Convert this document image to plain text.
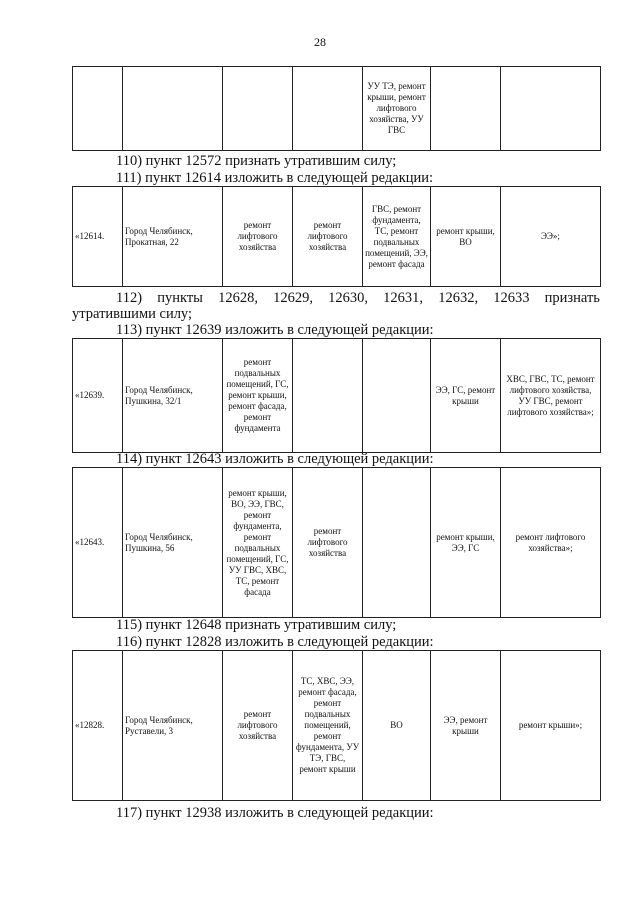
28
				УУ ТЭ, ремонт крыши, ремонт лифтового хозяйства, УУ ГВС		
110) пункт 12572 признать утратившим силу;
111) пункт 12614 изложить в следующей редакции:
«12614.	Город Челябинск, Прокатная, 22	ремонт лифтового хозяйства	ремонт лифтового хозяйства	ГВС, ремонт фундамента, ТС, ремонт подвальных помещений, ЭЭ, ремонт фасада	ремонт крыши, ВО	ЭЭ»;
112) пункты 12628, 12629, 12630, 12631, 12632, 12633 признать
утратившими силу;
113) пункт 12639 изложить в следующей редакции:
«12639.	Город Челябинск, Пушкина, 32/1	ремонт подвальных помещений, ГС, ремонт крыши, ремонт фасада, ремонт фундамента			ЭЭ, ГС, ремонт крыши	ХВС, ГВС, ТС, ремонт лифтового хозяйства, УУ ГВС, ремонт лифтового хозяйства»;
114) пункт 12643 изложить в следующей редакции:
«12643.	Город Челябинск, Пушкина, 56	ремонт крыши, ВО, ЭЭ, ГВС, ремонт фундамента, ремонт подвальных помещений, ГС, УУ ГВС, ХВС, ТС, ремонт фасада	ремонт лифтового хозяйства		ремонт крыши, ЭЭ, ГС	ремонт лифтового хозяйства»;
115) пункт 12648 признать утратившим силу;
116) пункт 12828 изложить в следующей редакции:
«12828.	Город Челябинск, Руставели, 3	ремонт лифтового хозяйства	ТС, ХВС, ЭЭ, ремонт фасада, ремонт подвальных помещений, ремонт фундамента, УУ ТЭ, ГВС, ремонт крыши	ВО	ЭЭ, ремонт крыши	ремонт крыши»;
117) пункт 12938 изложить в следующей редакции:
